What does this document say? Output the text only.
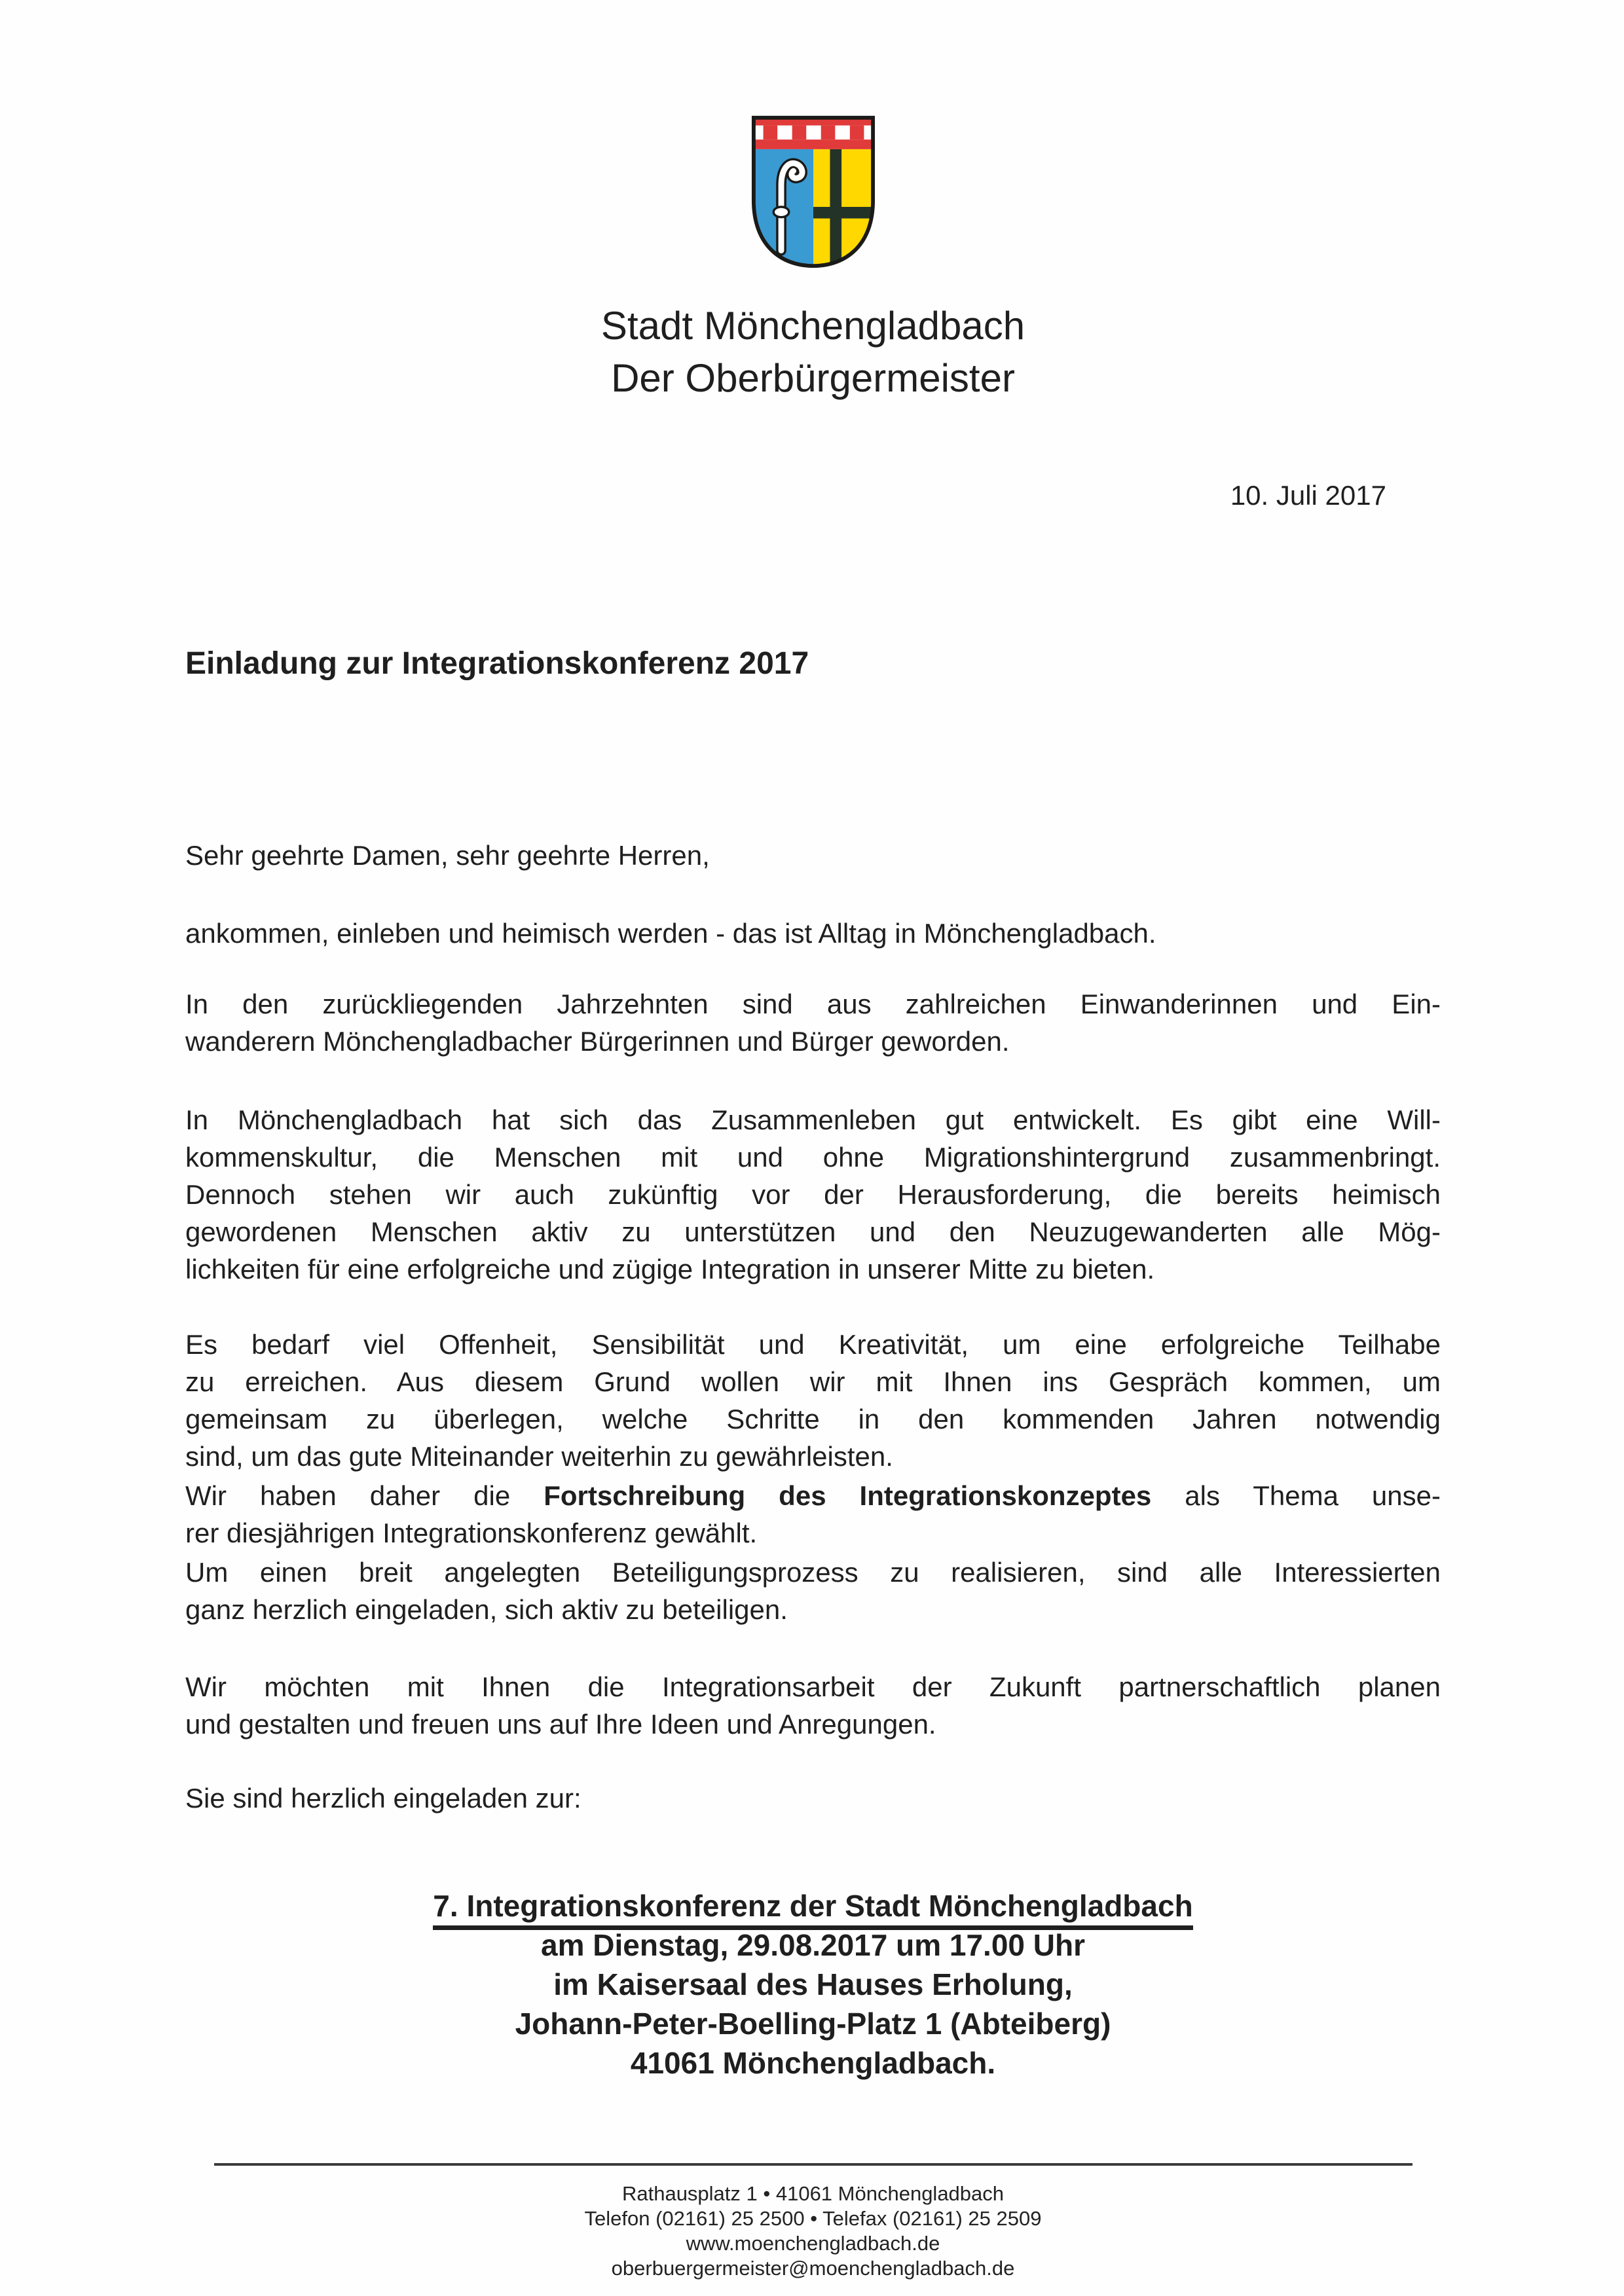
Stadt Mönchengladbach
Der Oberbürgermeister
10. Juli 2017
Einladung zur Integrationskonferenz 2017
Sehr geehrte Damen, sehr geehrte Herren,
ankommen, einleben und heimisch werden - das ist Alltag in Mönchengladbach.
In den zurückliegenden Jahrzehnten sind aus zahlreichen Einwanderinnen und Ein-
wanderern Mönchengladbacher Bürgerinnen und Bürger geworden.
In Mönchengladbach hat sich das Zusammenleben gut entwickelt. Es gibt eine Will-
kommenskultur, die Menschen mit und ohne Migrationshintergrund zusammenbringt.
Dennoch stehen wir auch zukünftig vor der Herausforderung, die bereits heimisch
gewordenen Menschen aktiv zu unterstützen und den Neuzugewanderten alle Mög-
lichkeiten für eine erfolgreiche und zügige Integration in unserer Mitte zu bieten.
Es bedarf viel Offenheit, Sensibilität und Kreativität, um eine erfolgreiche Teilhabe
zu erreichen. Aus diesem Grund wollen wir mit Ihnen ins Gespräch kommen, um
gemeinsam zu überlegen, welche Schritte in den kommenden Jahren notwendig
sind, um das gute Miteinander weiterhin zu gewährleisten.
Wir haben daher die Fortschreibung des Integrationskonzeptes als Thema unse-
rer diesjährigen Integrationskonferenz gewählt.
Um einen breit angelegten Beteiligungsprozess zu realisieren, sind alle Interessierten
ganz herzlich eingeladen, sich aktiv zu beteiligen.
Wir möchten mit Ihnen die Integrationsarbeit der Zukunft partnerschaftlich planen
und gestalten und freuen uns auf Ihre Ideen und Anregungen.
Sie sind herzlich eingeladen zur:
7. Integrationskonferenz der Stadt Mönchengladbach
am Dienstag, 29.08.2017 um 17.00 Uhr
im Kaisersaal des Hauses Erholung,
Johann-Peter-Boelling-Platz 1 (Abteiberg)
41061 Mönchengladbach.
Rathausplatz 1 • 41061 Mönchengladbach
Telefon (02161) 25 2500 • Telefax (02161) 25 2509
www.moenchengladbach.de
oberbuergermeister@moenchengladbach.de
